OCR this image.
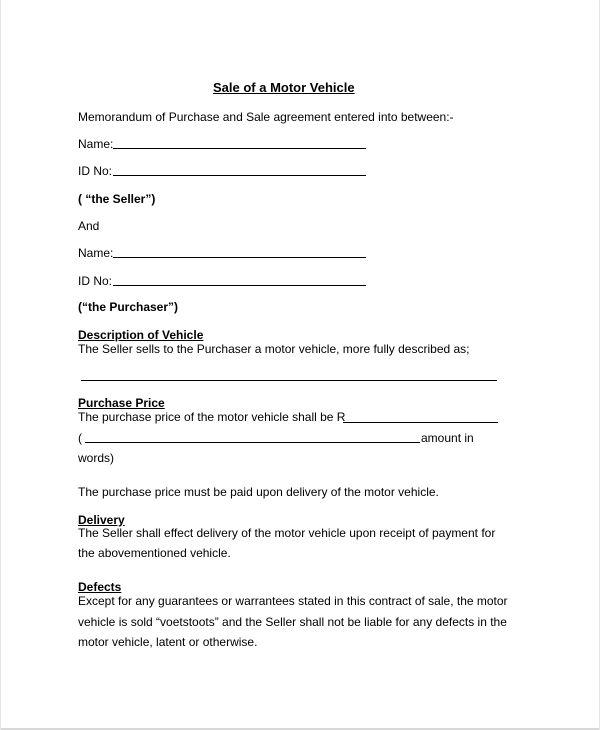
Sale of a Motor Vehicle
Memorandum of Purchase and Sale agreement entered into between:-
Name:
ID No:
( “the Seller”)
And
Name:
ID No:
(“the Purchaser”)
Description of Vehicle
The Seller sells to the Purchaser a motor vehicle, more fully described as;
Purchase Price
The purchase price of the motor vehicle shall be R
(	amount in
words)
The purchase price must be paid upon delivery of the motor vehicle.
Delivery
The Seller shall effect delivery of the motor vehicle upon receipt of payment for
the abovementioned vehicle.
Defects
Except for any guarantees or warrantees stated in this contract of sale, the motor
vehicle is sold “voetstoots” and the Seller shall not be liable for any defects in the
motor vehicle, latent or otherwise.
